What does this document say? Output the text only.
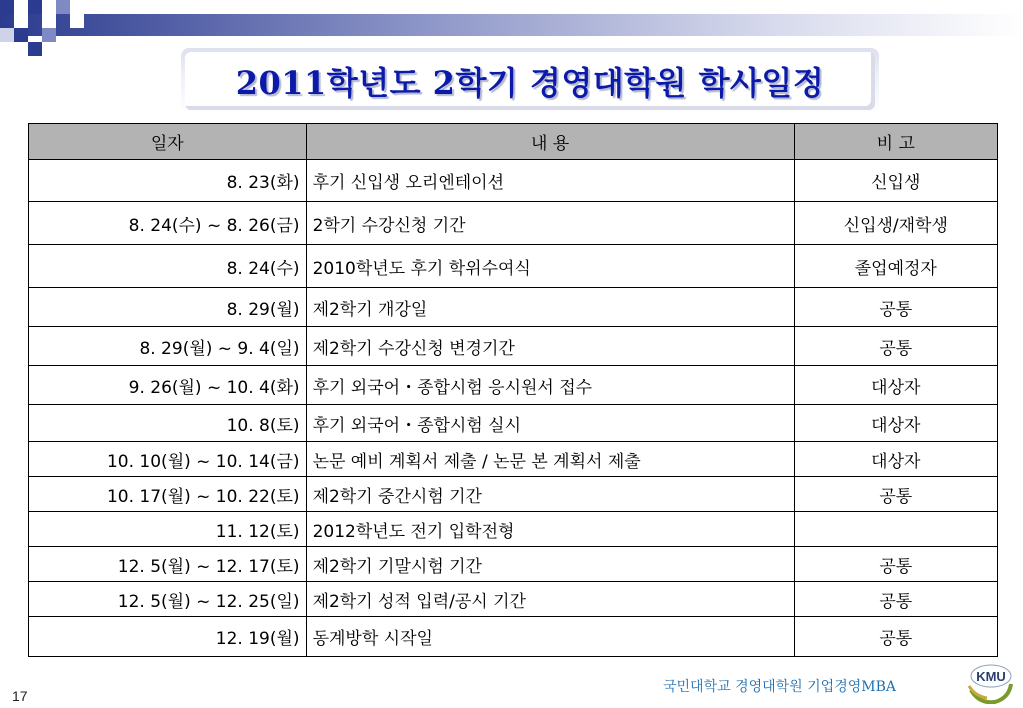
2011학년도 2학기 경영대학원 학사일정
일자	내 용	비 고
8. 23(화)	후기 신입생 오리엔테이션	신입생
8. 24(수) ~ 8. 26(금)	2학기 수강신청 기간	신입생/재학생
8. 24(수)	2010학년도 후기 학위수여식	졸업예정자
8. 29(월)	제2학기 개강일	공통
8. 29(월) ~ 9. 4(일)	제2학기 수강신청 변경기간	공통
9. 26(월) ~ 10. 4(화)	후기 외국어・종합시험 응시원서 접수	대상자
10. 8(토)	후기 외국어・종합시험 실시	대상자
10. 10(월) ~ 10. 14(금)	논문 예비 계획서 제출 / 논문 본 계획서 제출	대상자
10. 17(월) ~ 10. 22(토)	제2학기 중간시험 기간	공통
11. 12(토)	2012학년도 전기 입학전형	
12. 5(월) ~ 12. 17(토)	제2학기 기말시험 기간	공통
12. 5(월) ~ 12. 25(일)	제2학기 성적 입력/공시 기간	공통
12. 19(월)	동계방학 시작일	공통
17
국민대학교 경영대학원 기업경영MBA
KMU
